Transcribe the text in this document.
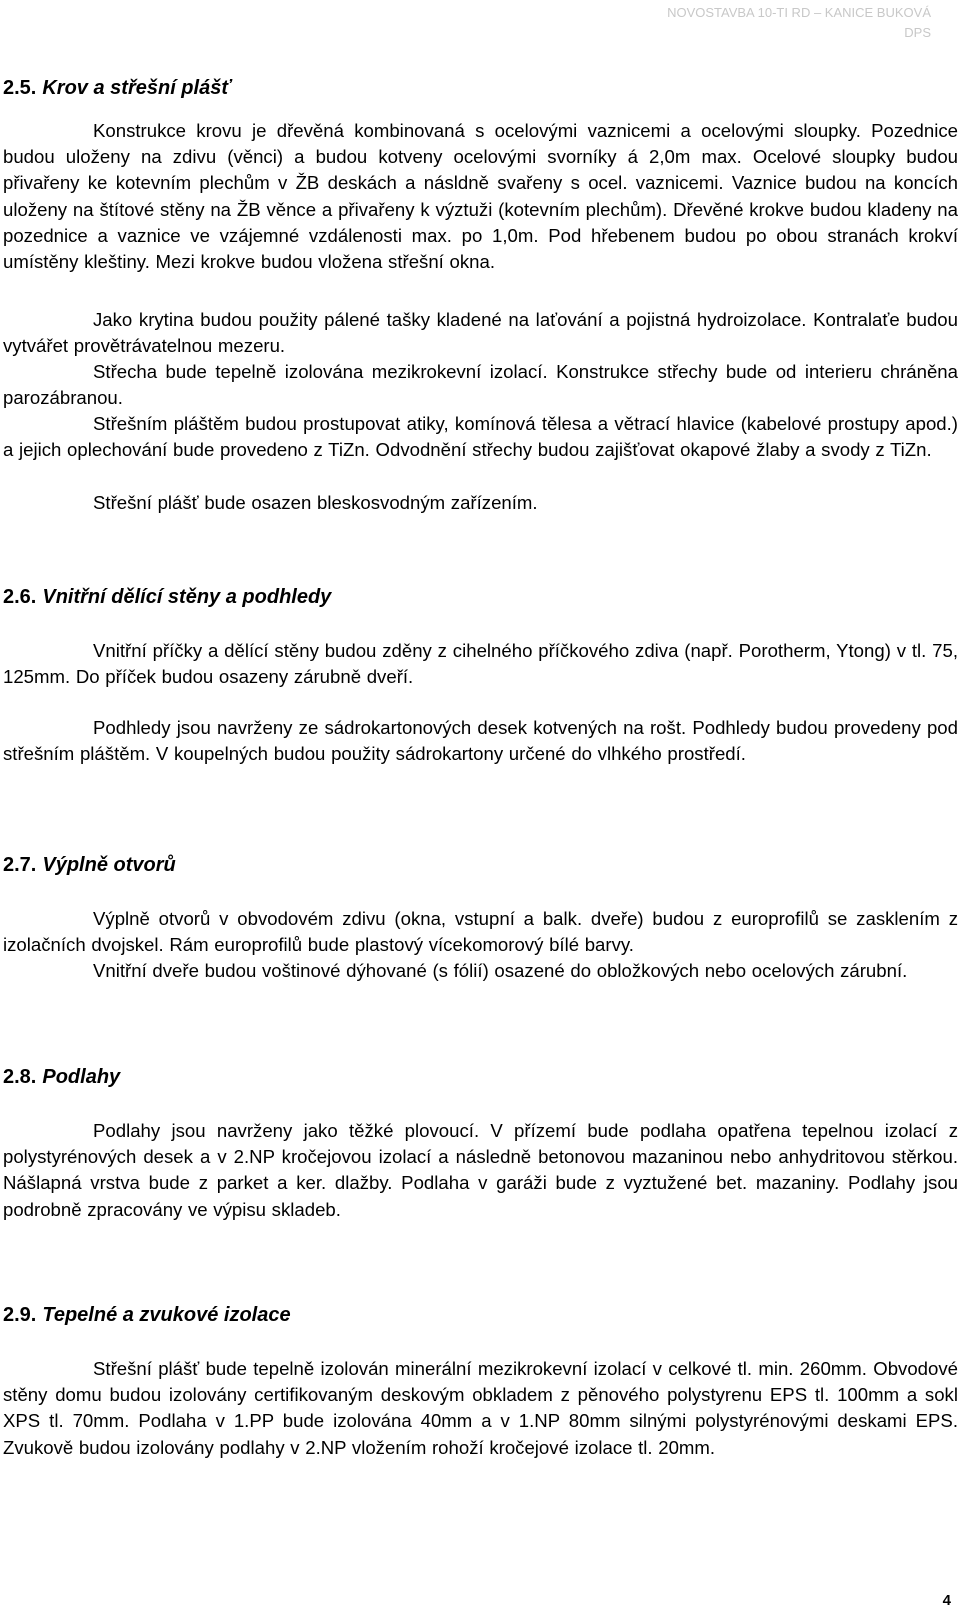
NOVOSTAVBA 10-TI RD – KANICE BUKOVÁ
DPS
2.5. Krov a střešní plášť

Konstrukce krovu je dřevěná kombinovaná s ocelovými vaznicemi a ocelovými sloupky. Pozednice budou uloženy na zdivu (věnci) a budou kotveny ocelovými svorníky á 2,0m max. Ocelové sloupky budou přivařeny ke kotevním plechům v ŽB deskách a násldně svařeny s ocel. vaznicemi. Vaznice budou na koncích uloženy na štítové stěny na ŽB věnce a přivařeny k výztuži (kotevním plechům). Dřevěné krokve budou kladeny na pozednice a vaznice ve vzájemné vzdálenosti max. po 1,0m. Pod hřebenem budou po obou stranách krokví umístěny kleštiny. Mezi krokve budou vložena střešní okna.

Jako krytina budou použity pálené tašky kladené na laťování a pojistná hydroizolace. Kontralaťe budou vytvářet provětrávatelnou mezeru.

Střecha bude tepelně izolována mezikrokevní izolací. Konstrukce střechy bude od interieru chráněna parozábranou.

Střešním pláštěm budou prostupovat atiky, komínová tělesa a větrací hlavice (kabelové prostupy apod.) a jejich oplechování bude provedeno z TiZn. Odvodnění střechy budou zajišťovat okapové žlaby a svody z TiZn.

Střešní plášť bude osazen bleskosvodným zařízením.

2.6. Vnitřní dělící stěny a podhledy

Vnitřní příčky a dělící stěny budou zděny z cihelného příčkového zdiva (např. Porotherm, Ytong) v tl. 75, 125mm. Do příček budou osazeny zárubně dveří.

Podhledy jsou navrženy ze sádrokartonových desek kotvených na rošt. Podhledy budou provedeny pod střešním pláštěm. V koupelných budou použity sádrokartony určené do vlhkého prostředí.

2.7. Výplně otvorů

Výplně otvorů v obvodovém zdivu (okna, vstupní a balk. dveře) budou z europrofilů se zasklením z izolačních dvojskel. Rám europrofilů bude plastový vícekomorový bílé barvy.

Vnitřní dveře budou voštinové dýhované (s fólií) osazené do obložkových nebo ocelových zárubní.

2.8. Podlahy

Podlahy jsou navrženy jako těžké plovoucí. V přízemí bude podlaha opatřena tepelnou izolací z polystyrénových desek a v 2.NP kročejovou izolací a následně betonovou mazaninou nebo anhydritovou stěrkou. Nášlapná vrstva bude z parket a ker. dlažby. Podlaha v garáži bude z vyztužené bet. mazaniny. Podlahy jsou podrobně zpracovány ve výpisu skladeb.

2.9. Tepelné a zvukové izolace

Střešní plášť bude tepelně izolován minerální mezikrokevní izolací v celkové tl. min. 260mm. Obvodové stěny domu budou izolovány certifikovaným deskovým obkladem z pěnového polystyrenu EPS tl. 100mm a sokl XPS tl. 70mm. Podlaha v 1.PP bude izolována 40mm a v 1.NP 80mm silnými polystyrénovými deskami EPS. Zvukově budou izolovány podlahy v 2.NP vložením rohoží kročejové izolace tl. 20mm.

4
